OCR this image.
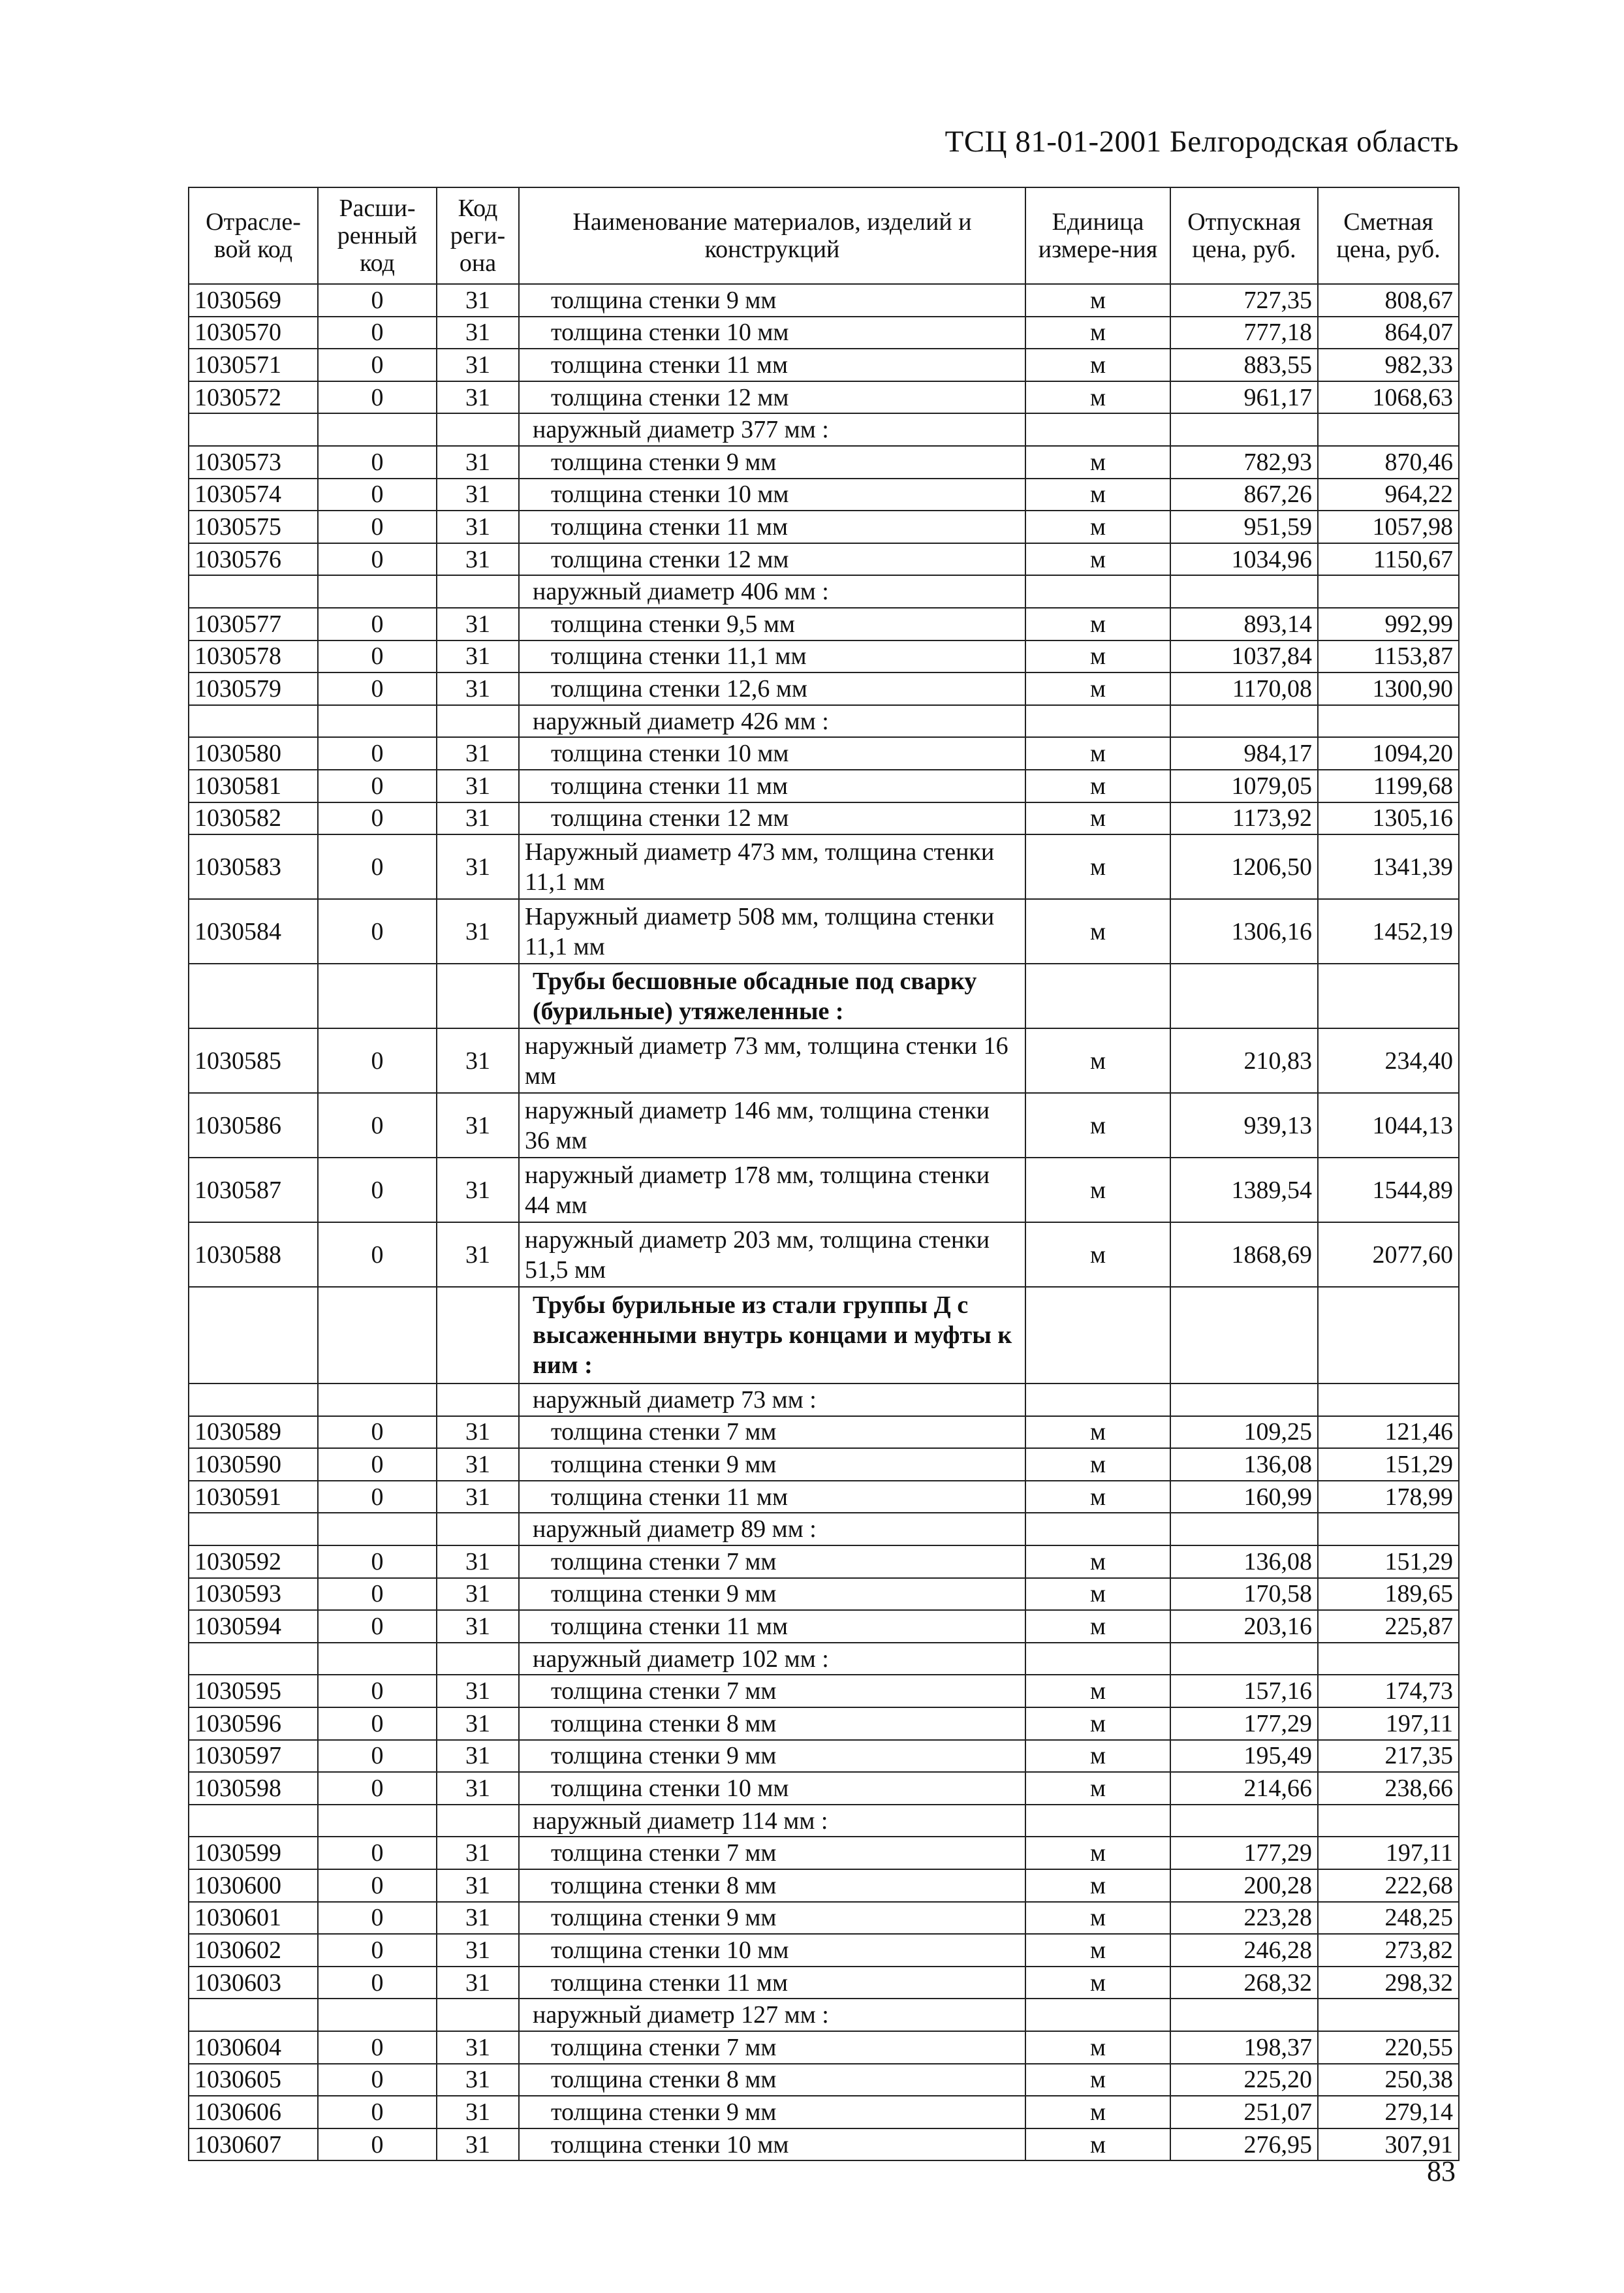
ТСЦ 81-01-2001 Белгородская область
Отрасле-вой код	Расши-ренный код	Код реги-она	Наименование материалов, изделий и конструкций	Единица измере-ния	Отпускная цена, руб.	Сметная цена, руб.
1030569	0	31	толщина стенки 9 мм	м	727,35	808,67
1030570	0	31	толщина стенки 10 мм	м	777,18	864,07
1030571	0	31	толщина стенки 11 мм	м	883,55	982,33
1030572	0	31	толщина стенки 12 мм	м	961,17	1068,63
			наружный диаметр 377 мм :			
1030573	0	31	толщина стенки 9 мм	м	782,93	870,46
1030574	0	31	толщина стенки 10 мм	м	867,26	964,22
1030575	0	31	толщина стенки 11 мм	м	951,59	1057,98
1030576	0	31	толщина стенки 12 мм	м	1034,96	1150,67
			наружный диаметр 406 мм :			
1030577	0	31	толщина стенки 9,5 мм	м	893,14	992,99
1030578	0	31	толщина стенки 11,1 мм	м	1037,84	1153,87
1030579	0	31	толщина стенки 12,6 мм	м	1170,08	1300,90
			наружный диаметр 426 мм :			
1030580	0	31	толщина стенки 10 мм	м	984,17	1094,20
1030581	0	31	толщина стенки 11 мм	м	1079,05	1199,68
1030582	0	31	толщина стенки 12 мм	м	1173,92	1305,16
1030583	0	31	Наружный диаметр 473 мм, толщина стенки 11,1 мм	м	1206,50	1341,39
1030584	0	31	Наружный диаметр 508 мм, толщина стенки 11,1 мм	м	1306,16	1452,19
			Трубы бесшовные обсадные под сварку (бурильные) утяжеленные :			
1030585	0	31	наружный диаметр 73 мм, толщина стенки 16 мм	м	210,83	234,40
1030586	0	31	наружный диаметр 146 мм, толщина стенки 36 мм	м	939,13	1044,13
1030587	0	31	наружный диаметр 178 мм, толщина стенки 44 мм	м	1389,54	1544,89
1030588	0	31	наружный диаметр 203 мм, толщина стенки 51,5 мм	м	1868,69	2077,60
			Трубы бурильные из стали группы Д с высаженными внутрь концами и муфты к ним :			
			наружный диаметр 73 мм :			
1030589	0	31	толщина стенки 7 мм	м	109,25	121,46
1030590	0	31	толщина стенки 9 мм	м	136,08	151,29
1030591	0	31	толщина стенки 11 мм	м	160,99	178,99
			наружный диаметр 89 мм :			
1030592	0	31	толщина стенки 7 мм	м	136,08	151,29
1030593	0	31	толщина стенки 9 мм	м	170,58	189,65
1030594	0	31	толщина стенки 11 мм	м	203,16	225,87
			наружный диаметр 102 мм :			
1030595	0	31	толщина стенки 7 мм	м	157,16	174,73
1030596	0	31	толщина стенки 8 мм	м	177,29	197,11
1030597	0	31	толщина стенки 9 мм	м	195,49	217,35
1030598	0	31	толщина стенки 10 мм	м	214,66	238,66
			наружный диаметр 114 мм :			
1030599	0	31	толщина стенки 7 мм	м	177,29	197,11
1030600	0	31	толщина стенки 8 мм	м	200,28	222,68
1030601	0	31	толщина стенки 9 мм	м	223,28	248,25
1030602	0	31	толщина стенки 10 мм	м	246,28	273,82
1030603	0	31	толщина стенки 11 мм	м	268,32	298,32
			наружный диаметр 127 мм :			
1030604	0	31	толщина стенки 7 мм	м	198,37	220,55
1030605	0	31	толщина стенки 8 мм	м	225,20	250,38
1030606	0	31	толщина стенки 9 мм	м	251,07	279,14
1030607	0	31	толщина стенки 10 мм	м	276,95	307,91
83
